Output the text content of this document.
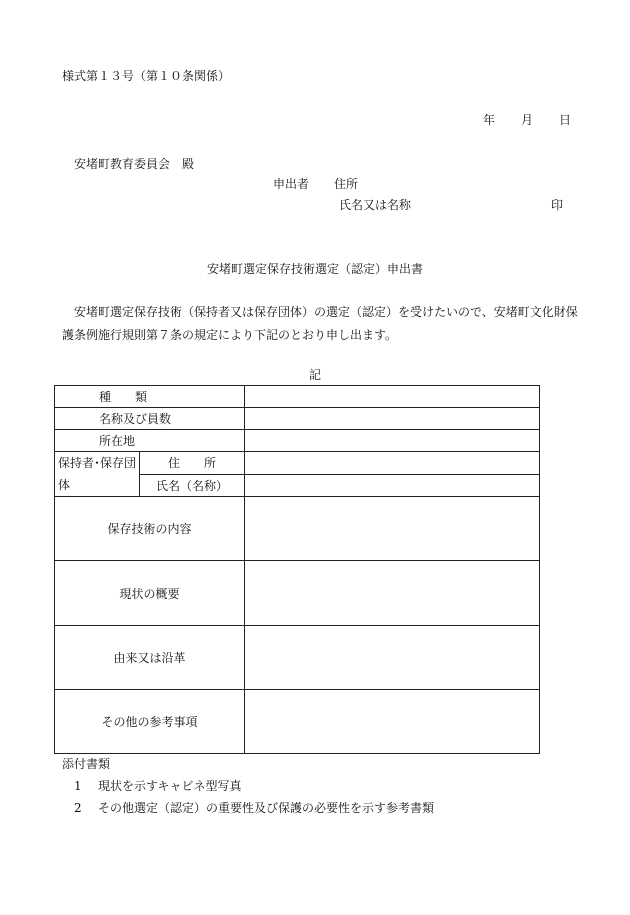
様式第１３号（第１０条関係）
年 月 日
安堵町教育委員会　殿
申出者 住所
氏名又は名称	印
安堵町選定保存技術選定（認定）申出書
　安堵町選定保存技術（保持者又は保存団体）の選定（認定）を受けたいので、安堵町文化財保護条例施行規則第７条の規定により下記のとおり申し出ます。
記
種　　類		
名称及び員数		
所在地		
保持者･保存団体	住　　所	
	氏名（名称）	
保存技術の内容		
現状の概要		
由来又は沿革		
その他の参考事項		
添付書類
1 現状を示すキャビネ型写真
2 その他選定（認定）の重要性及び保護の必要性を示す参考書類
